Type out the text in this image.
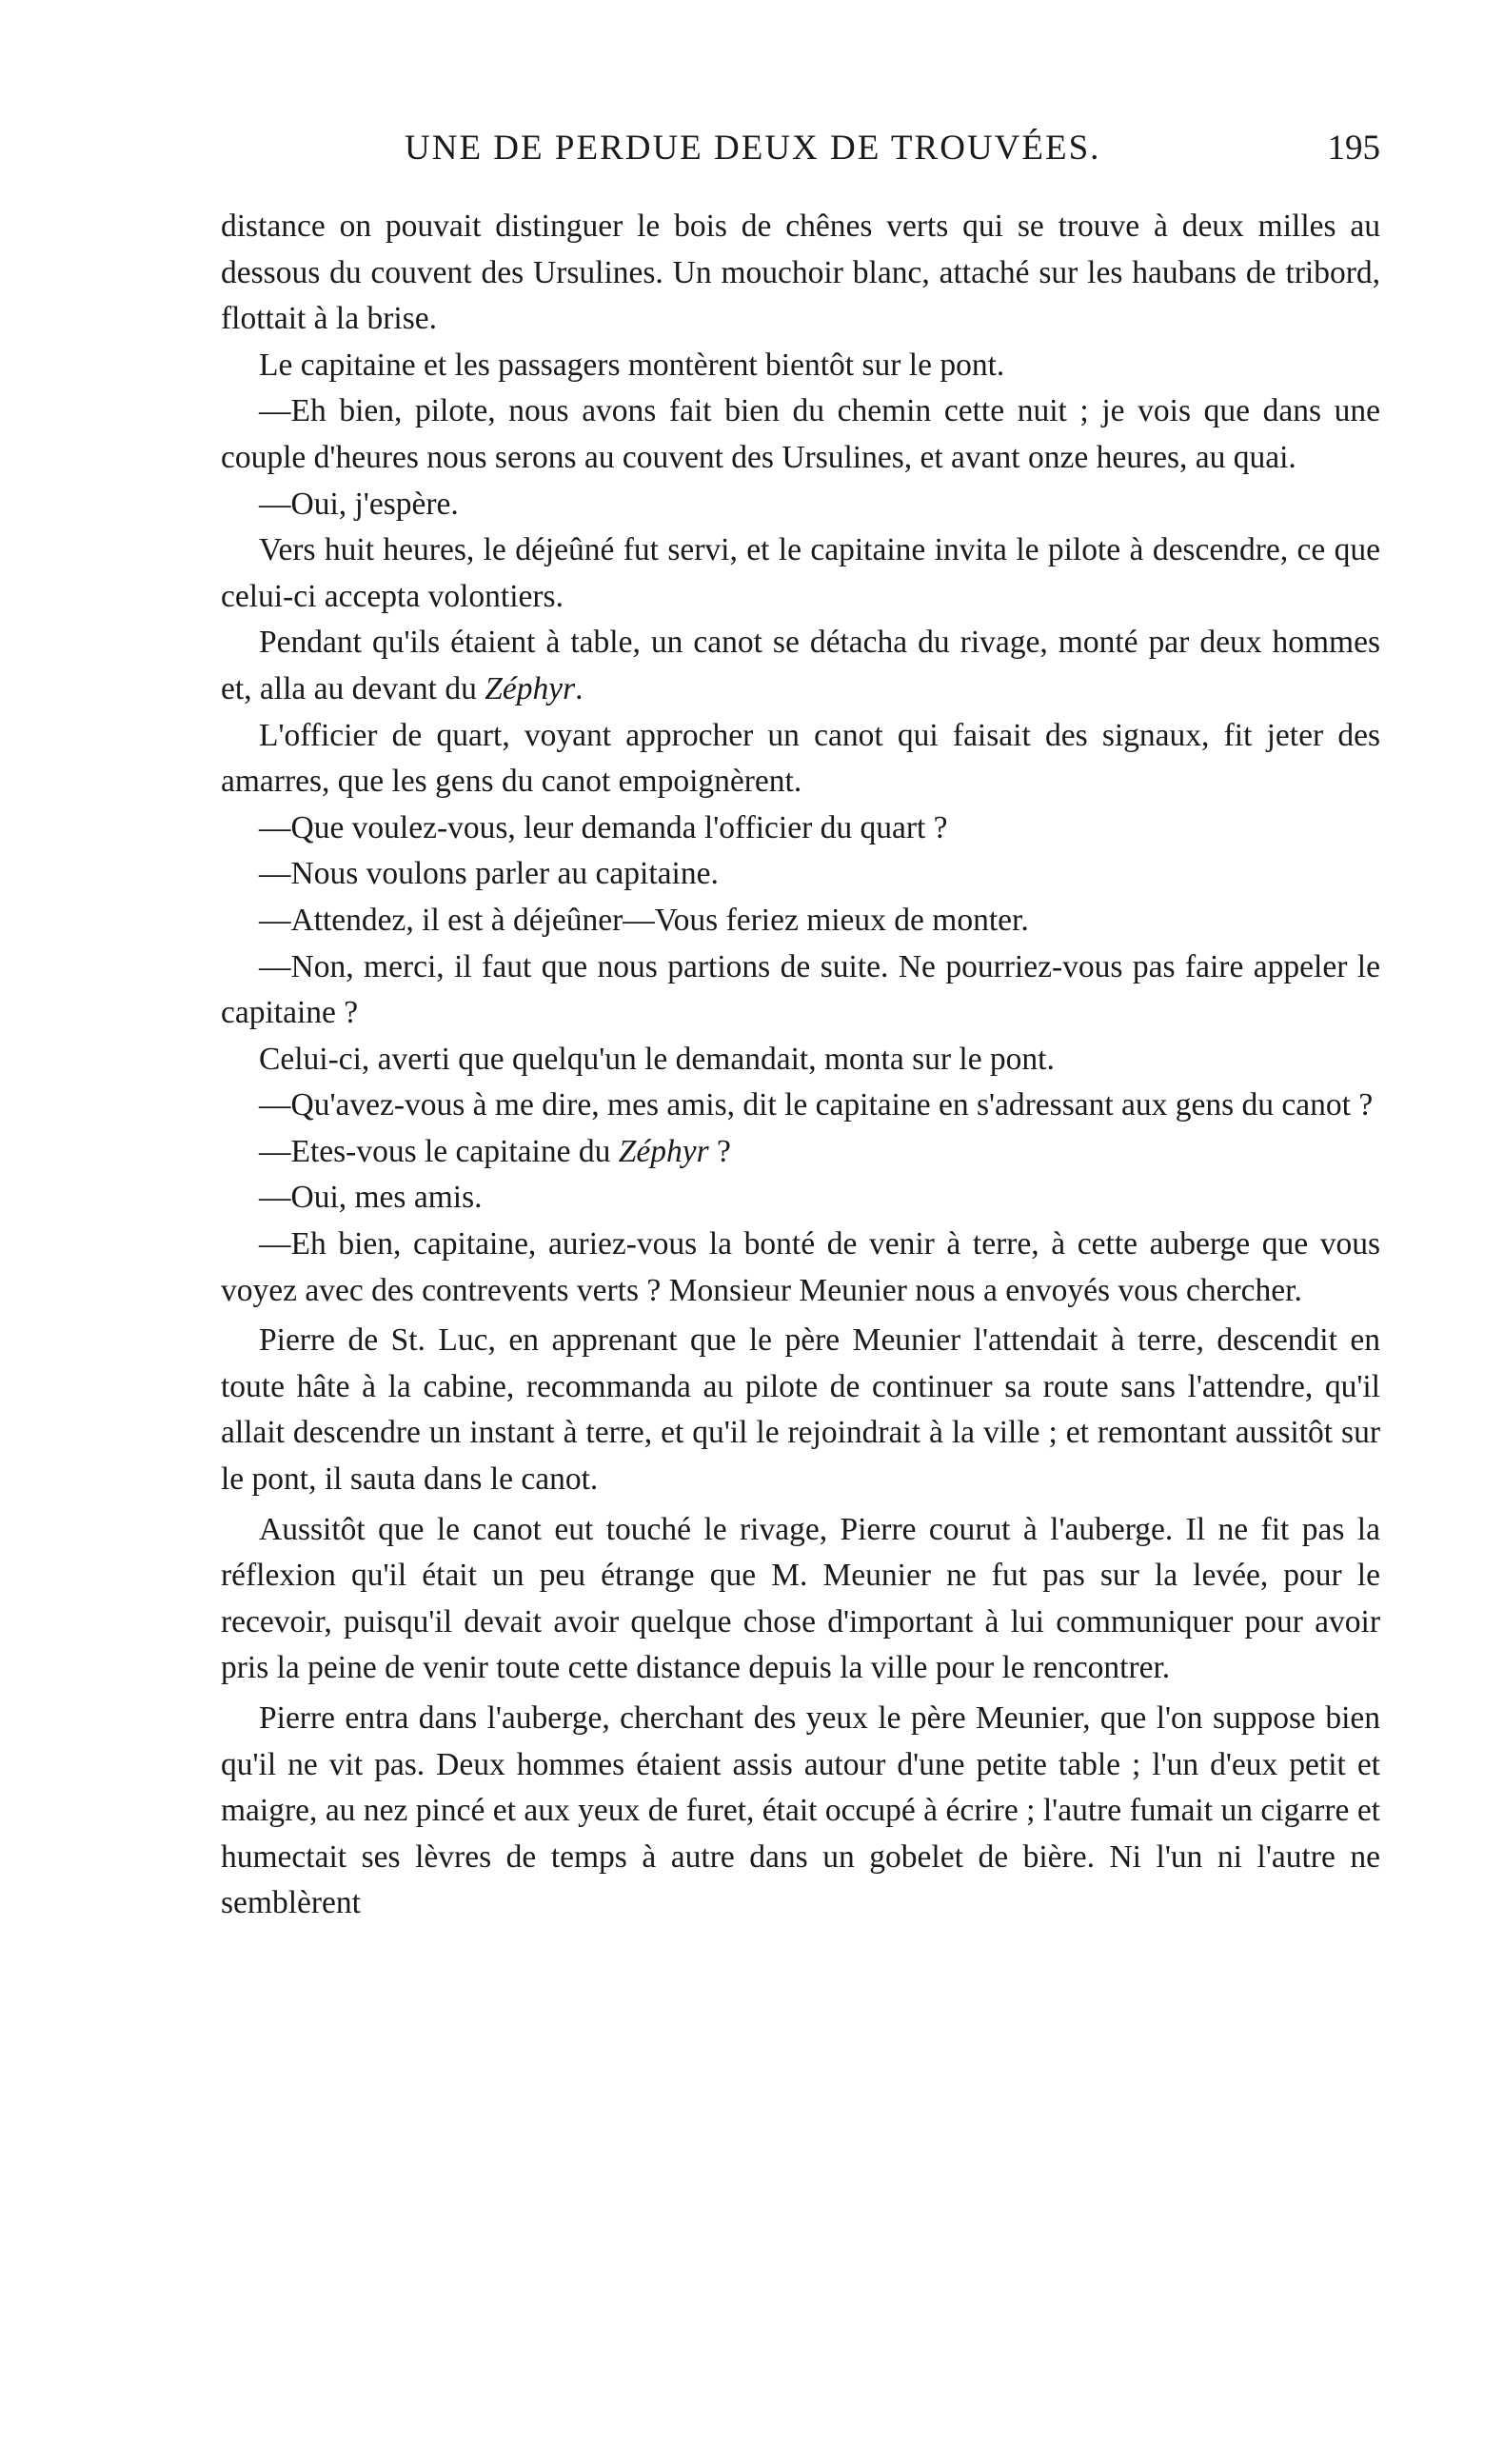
UNE DE PERDUE DEUX DE TROUVÉES.	195

distance on pouvait distinguer le bois de chênes verts qui se trouve à deux milles au dessous du couvent des Ursulines. Un mouchoir blanc, attaché sur les haubans de tribord, flottait à la brise.

Le capitaine et les passagers montèrent bientôt sur le pont.

—Eh bien, pilote, nous avons fait bien du chemin cette nuit ; je vois que dans une couple d'heures nous serons au couvent des Ursulines, et avant onze heures, au quai.

—Oui, j'espère.

Vers huit heures, le déjeûné fut servi, et le capitaine invita le pilote à descendre, ce que celui-ci accepta volontiers.

Pendant qu'ils étaient à table, un canot se détacha du rivage, monté par deux hommes et, alla au devant du Zéphyr.

L'officier de quart, voyant approcher un canot qui faisait des signaux, fit jeter des amarres, que les gens du canot empoignèrent.

—Que voulez-vous, leur demanda l'officier du quart ?

—Nous voulons parler au capitaine.

—Attendez, il est à déjeûner—Vous feriez mieux de monter.

—Non, merci, il faut que nous partions de suite. Ne pourriez-vous pas faire appeler le capitaine ?

Celui-ci, averti que quelqu'un le demandait, monta sur le pont.

—Qu'avez-vous à me dire, mes amis, dit le capitaine en s'adressant aux gens du canot ?

—Etes-vous le capitaine du Zéphyr ?

—Oui, mes amis.

—Eh bien, capitaine, auriez-vous la bonté de venir à terre, à cette auberge que vous voyez avec des contrevents verts ? Monsieur Meunier nous a envoyés vous chercher.

Pierre de St. Luc, en apprenant que le père Meunier l'attendait à terre, descendit en toute hâte à la cabine, recommanda au pilote de continuer sa route sans l'attendre, qu'il allait descendre un instant à terre, et qu'il le rejoindrait à la ville ; et remontant aussitôt sur le pont, il sauta dans le canot.

Aussitôt que le canot eut touché le rivage, Pierre courut à l'auberge. Il ne fit pas la réflexion qu'il était un peu étrange que M. Meunier ne fut pas sur la levée, pour le recevoir, puisqu'il devait avoir quelque chose d'important à lui communiquer pour avoir pris la peine de venir toute cette distance depuis la ville pour le rencontrer.

Pierre entra dans l'auberge, cherchant des yeux le père Meunier, que l'on suppose bien qu'il ne vit pas. Deux hommes étaient assis autour d'une petite table ; l'un d'eux petit et maigre, au nez pincé et aux yeux de furet, était occupé à écrire ; l'autre fumait un cigarre et humectait ses lèvres de temps à autre dans un gobelet de bière. Ni l'un ni l'autre ne semblèrent
